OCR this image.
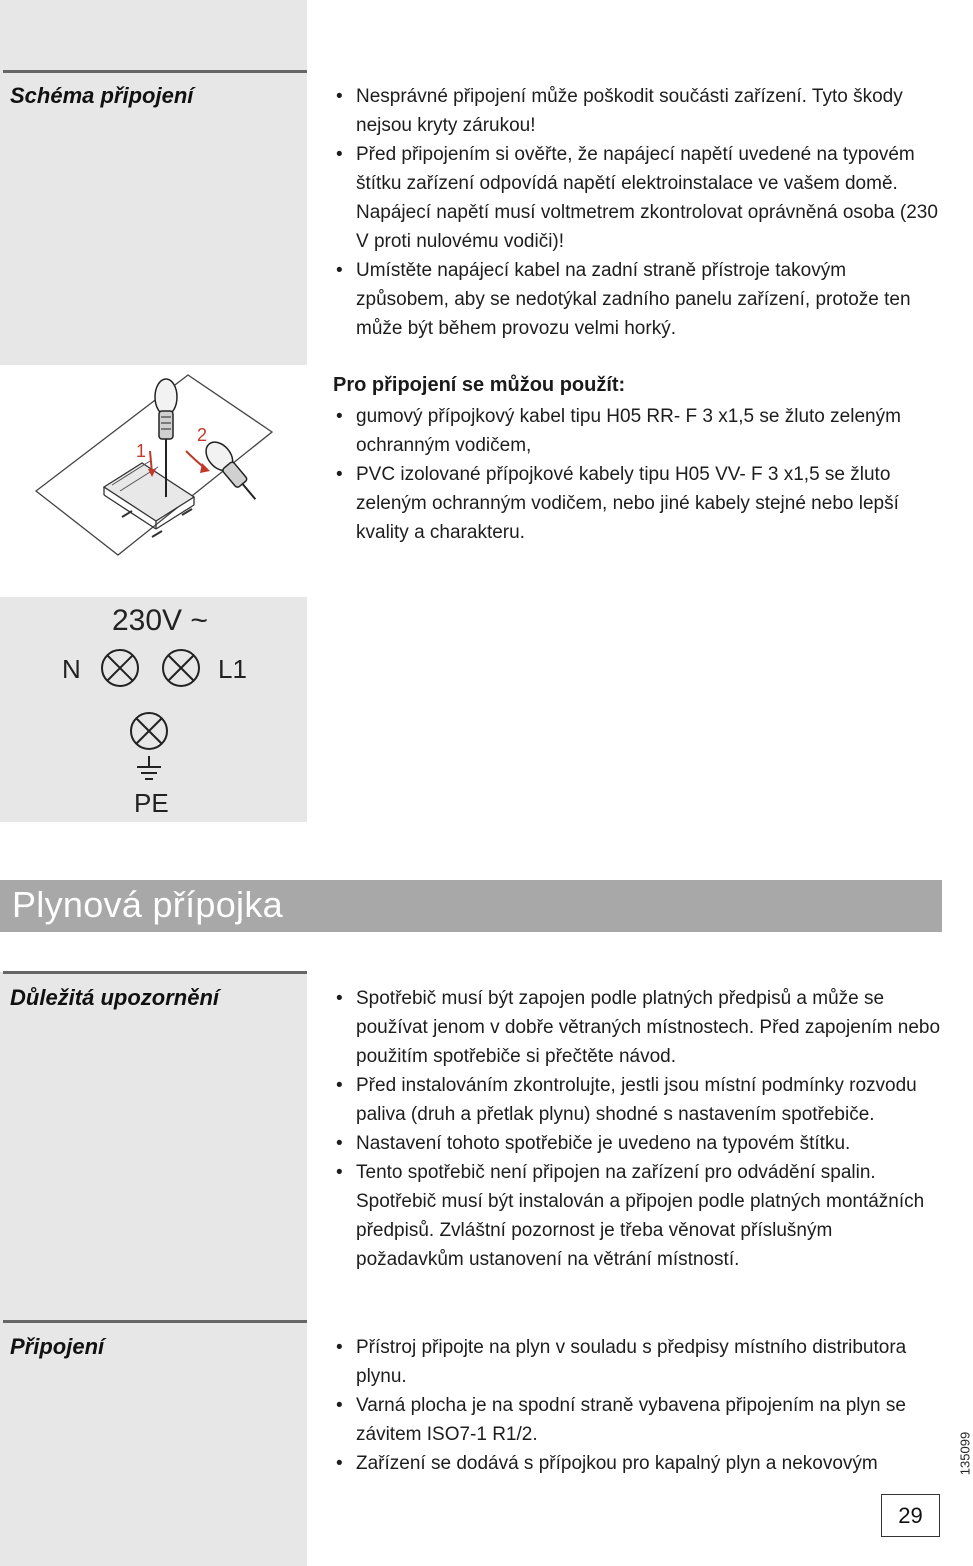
Schéma připojení	• Nesprávné připojení může poškodit součásti zařízení. Tyto škody nejsou kryty zárukou!
• Před připojením si ověřte, že napájecí napětí uvedené na typovém štítku zařízení odpovídá napětí elektroinstalace ve vašem domě. Napájecí napětí musí voltmetrem zkontrolovat oprávněná osoba (230 V proti nulovému vodiči)!
• Umístěte napájecí kabel na zadní straně přístroje takovým způsobem, aby se nedotýkal zadního panelu zařízení, protože ten může být během provozu velmi horký.
1
2
Pro připojení se můžou použít:
• gumový přípojkový kabel tipu H05 RR- F 3 x1,5 se žluto zeleným ochranným vodičem,
• PVC izolované přípojkové kabely tipu H05 VV- F 3 x1,5 se žluto zeleným ochranným vodičem, nebo jiné kabely stejné nebo lepší kvality a charakteru.
230V ~
N	L1
PE
Plynová přípojka
Důležitá upozornění	• Spotřebič musí být zapojen podle platných předpisů a může se používat jenom v dobře větraných místnostech. Před zapojením nebo použitím spotřebiče si přečtěte návod.
• Před instalováním zkontrolujte, jestli jsou místní podmínky rozvodu paliva (druh a přetlak plynu) shodné s nastavením spotřebiče.
• Nastavení tohoto spotřebiče je uvedeno na typovém štítku.
• Tento spotřebič není připojen na zařízení pro odvádění spalin. Spotřebič musí být instalován a připojen podle platných montážních předpisů. Zvláštní pozornost je třeba věnovat příslušným požadavkům ustanovení na větrání místností.
Připojení	• Přístroj připojte na plyn v souladu s předpisy místního distributora plynu.
• Varná plocha je na spodní straně vybavena připojením na plyn se závitem ISO7-1 R1/2.
• Zařízení se dodává s přípojkou pro kapalný plyn a nekovovým	135099
29
